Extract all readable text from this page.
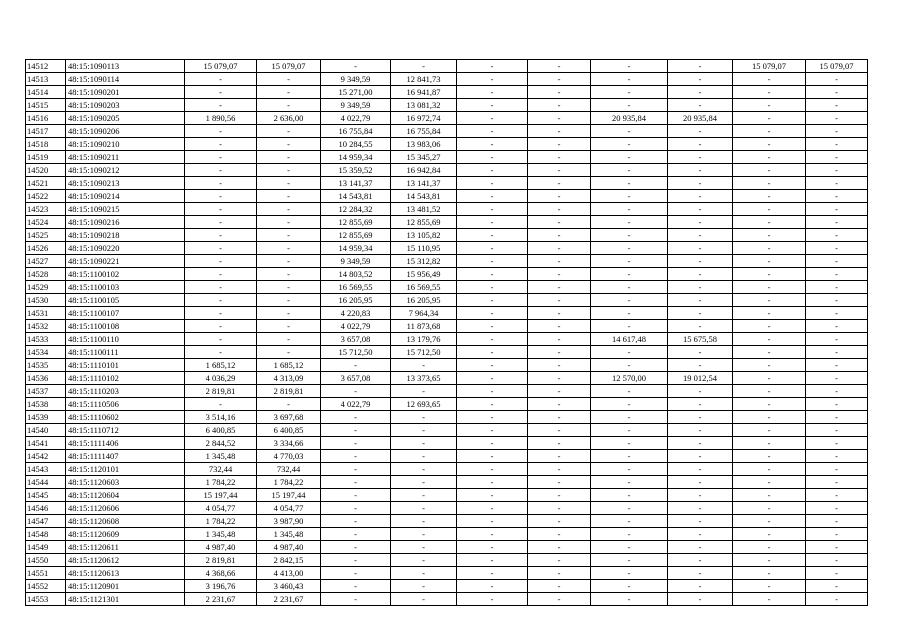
14512	48:15:1090113	15 079,07	15 079,07	-	-	-	-	-	-	15 079,07	15 079,07
14513	48:15:1090114	-	-	9 349,59	12 841,73	-	-	-	-	-	-
14514	48:15:1090201	-	-	15 271,00	16 941,87	-	-	-	-	-	-
14515	48:15:1090203	-	-	9 349,59	13 081,32	-	-	-	-	-	-
14516	48:15:1090205	1 890,56	2 636,00	4 022,79	16 972,74	-	-	20 935,84	20 935,84	-	-
14517	48:15:1090206	-	-	16 755,84	16 755,84	-	-	-	-	-	-
14518	48:15:1090210	-	-	10 284,55	13 983,06	-	-	-	-	-	-
14519	48:15:1090211	-	-	14 959,34	15 345,27	-	-	-	-	-	-
14520	48:15:1090212	-	-	15 359,52	16 942,84	-	-	-	-	-	-
14521	48:15:1090213	-	-	13 141,37	13 141,37	-	-	-	-	-	-
14522	48:15:1090214	-	-	14 543,81	14 543,81	-	-	-	-	-	-
14523	48:15:1090215	-	-	12 284,32	13 481,52	-	-	-	-	-	-
14524	48:15:1090216	-	-	12 855,69	12 855,69	-	-	-	-	-	-
14525	48:15:1090218	-	-	12 855,69	13 105,82	-	-	-	-	-	-
14526	48:15:1090220	-	-	14 959,34	15 110,95	-	-	-	-	-	-
14527	48:15:1090221	-	-	9 349,59	15 312,82	-	-	-	-	-	-
14528	48:15:1100102	-	-	14 803,52	15 956,49	-	-	-	-	-	-
14529	48:15:1100103	-	-	16 569,55	16 569,55	-	-	-	-	-	-
14530	48:15:1100105	-	-	16 205,95	16 205,95	-	-	-	-	-	-
14531	48:15:1100107	-	-	4 220,83	7 964,34	-	-	-	-	-	-
14532	48:15:1100108	-	-	4 022,79	11 873,68	-	-	-	-	-	-
14533	48:15:1100110	-	-	3 657,08	13 179,76	-	-	14 617,48	15 675,58	-	-
14534	48:15:1100111	-	-	15 712,50	15 712,50	-	-	-	-	-	-
14535	48:15:1110101	1 685,12	1 685,12	-	-	-	-	-	-	-	-
14536	48:15:1110102	4 036,29	4 313,09	3 657,08	13 373,65	-	-	12 570,00	19 012,54	-	-
14537	48:15:1110203	2 819,81	2 819,81	-	-	-	-	-	-	-	-
14538	48:15:1110506	-	-	4 022,79	12 693,65	-	-	-	-	-	-
14539	48:15:1110602	3 514,16	3 697,68	-	-	-	-	-	-	-	-
14540	48:15:1110712	6 400,85	6 400,85	-	-	-	-	-	-	-	-
14541	48:15:1111406	2 844,52	3 334,66	-	-	-	-	-	-	-	-
14542	48:15:1111407	1 345,48	4 770,03	-	-	-	-	-	-	-	-
14543	48:15:1120101	732,44	732,44	-	-	-	-	-	-	-	-
14544	48:15:1120603	1 784,22	1 784,22	-	-	-	-	-	-	-	-
14545	48:15:1120604	15 197,44	15 197,44	-	-	-	-	-	-	-	-
14546	48:15:1120606	4 054,77	4 054,77	-	-	-	-	-	-	-	-
14547	48:15:1120608	1 784,22	3 987,90	-	-	-	-	-	-	-	-
14548	48:15:1120609	1 345,48	1 345,48	-	-	-	-	-	-	-	-
14549	48:15:1120611	4 987,40	4 987,40	-	-	-	-	-	-	-	-
14550	48:15:1120612	2 819,81	2 842,15	-	-	-	-	-	-	-	-
14551	48:15:1120613	4 368,66	4 413,00	-	-	-	-	-	-	-	-
14552	48:15:1120901	3 196,76	3 460,43	-	-	-	-	-	-	-	-
14553	48:15:1121301	2 231,67	2 231,67	-	-	-	-	-	-	-	-
